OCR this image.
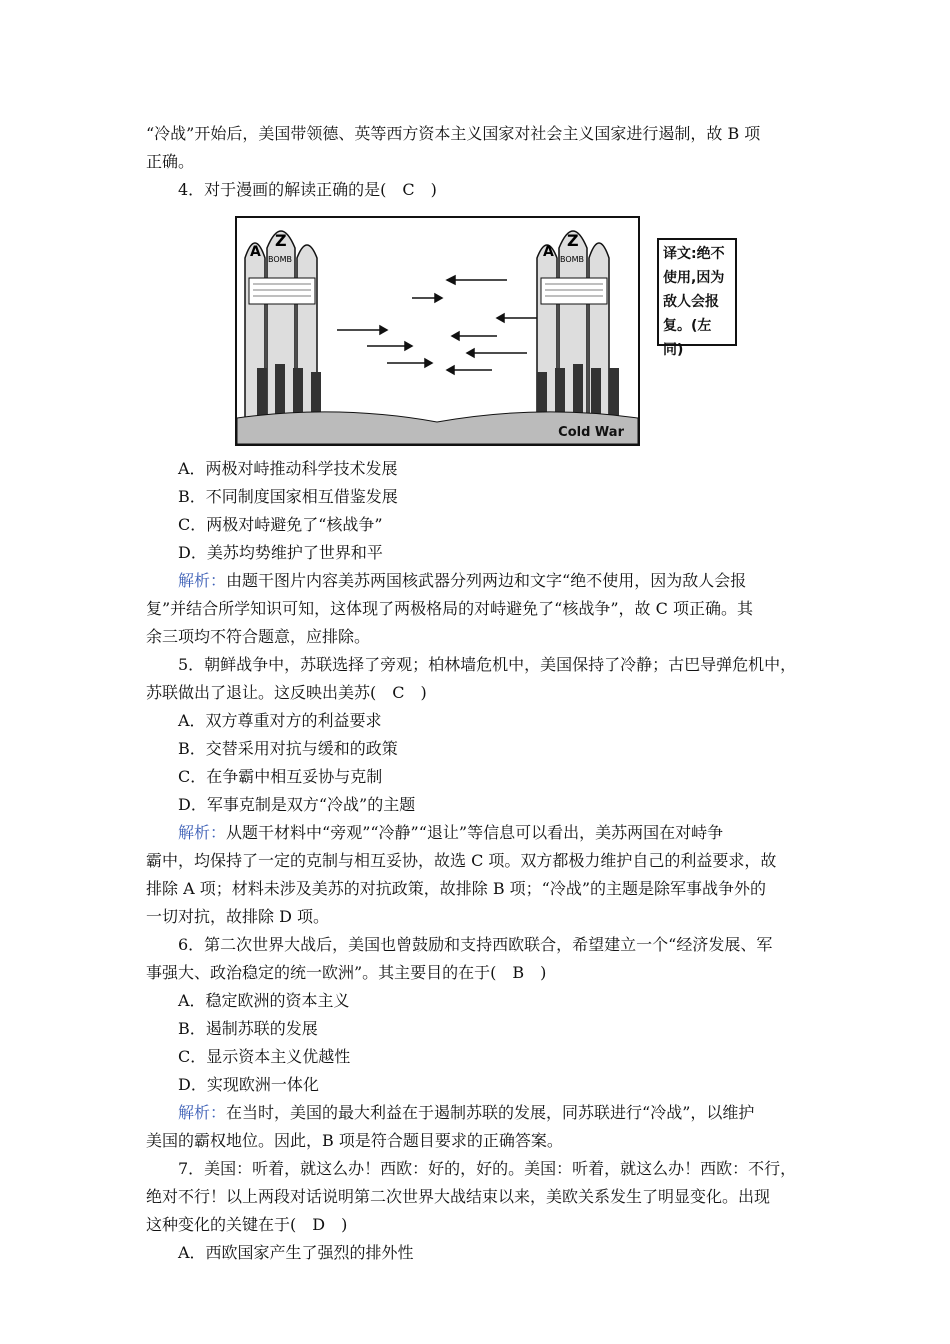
“冷战”开始后，美国带领德、英等西方资本主义国家对社会主义国家进行遏制，故 B 项

正确。

4．对于漫画的解读正确的是(　C　)

A
Z
BOMB	A
Z
BOMB
Cold War
译文:绝不
使用,因为
敌人会报
复。(左同)

A．两极对峙推动科学技术发展

B．不同制度国家相互借鉴发展

C．两极对峙避免了“核战争”

D．美苏均势维护了世界和平

解析：由题干图片内容美苏两国核武器分列两边和文字“绝不使用，因为敌人会报

复”并结合所学知识可知，这体现了两极格局的对峙避免了“核战争”，故 C 项正确。其

余三项均不符合题意，应排除。

5．朝鲜战争中，苏联选择了旁观；柏林墙危机中，美国保持了冷静；古巴导弹危机中，

苏联做出了退让。这反映出美苏(　C　)

A．双方尊重对方的利益要求

B．交替采用对抗与缓和的政策

C．在争霸中相互妥协与克制

D．军事克制是双方“冷战”的主题

解析：从题干材料中“旁观”“冷静”“退让”等信息可以看出，美苏两国在对峙争

霸中，均保持了一定的克制与相互妥协，故选 C 项。双方都极力维护自己的利益要求，故

排除 A 项；材料未涉及美苏的对抗政策，故排除 B 项；“冷战”的主题是除军事战争外的

一切对抗，故排除 D 项。

6．第二次世界大战后，美国也曾鼓励和支持西欧联合，希望建立一个“经济发展、军

事强大、政治稳定的统一欧洲”。其主要目的在于(　B　)

A．稳定欧洲的资本主义B．遏制苏联的发展

C．显示资本主义优越性D．实现欧洲一体化

解析：在当时，美国的最大利益在于遏制苏联的发展，同苏联进行“冷战”，以维护

美国的霸权地位。因此，B 项是符合题目要求的正确答案。

7．美国：听着，就这么办！西欧：好的，好的。美国：听着，就这么办！西欧：不行，

绝对不行！以上两段对话说明第二次世界大战结束以来，美欧关系发生了明显变化。出现

这种变化的关键在于(　D　)

A．西欧国家产生了强烈的排外性
